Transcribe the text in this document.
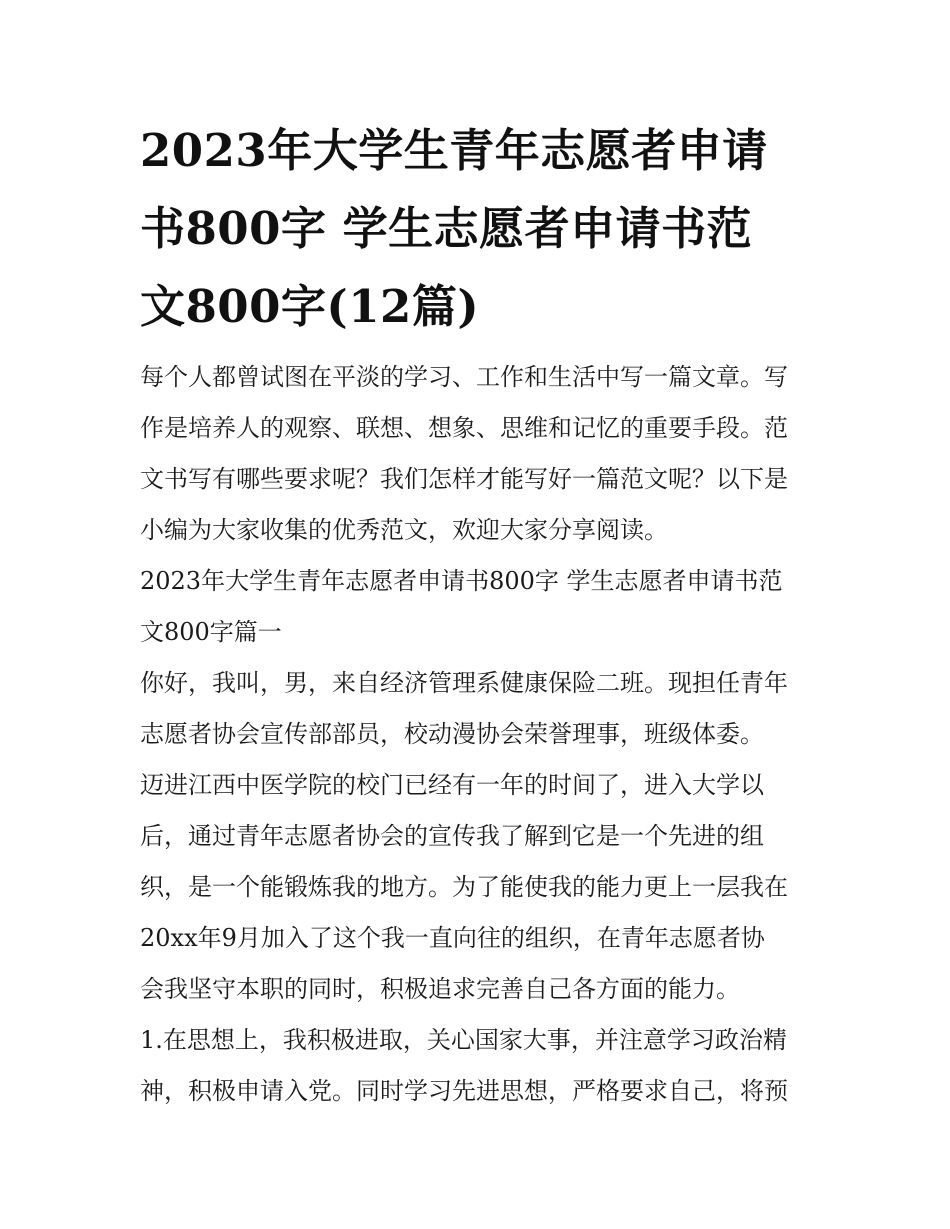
2023年大学生青年志愿者申请
书800字 学生志愿者申请书范
文800字(12篇)
每个人都曾试图在平淡的学习、工作和生活中写一篇文章。写
作是培养人的观察、联想、想象、思维和记忆的重要手段。范
文书写有哪些要求呢？我们怎样才能写好一篇范文呢？以下是
小编为大家收集的优秀范文，欢迎大家分享阅读。
2023年大学生青年志愿者申请书800字 学生志愿者申请书范
文800字篇一
你好，我叫，男，来自经济管理系健康保险二班。现担任青年
志愿者协会宣传部部员，校动漫协会荣誉理事，班级体委。
迈进江西中医学院的校门已经有一年的时间了，进入大学以
后，通过青年志愿者协会的宣传我了解到它是一个先进的组
织，是一个能锻炼我的地方。为了能使我的能力更上一层我在
20xx年9月加入了这个我一直向往的组织，在青年志愿者协
会我坚守本职的同时，积极追求完善自己各方面的能力。
1.在思想上，我积极进取，关心国家大事，并注意学习政治精
神，积极申请入党。同时学习先进思想，严格要求自己，将预
